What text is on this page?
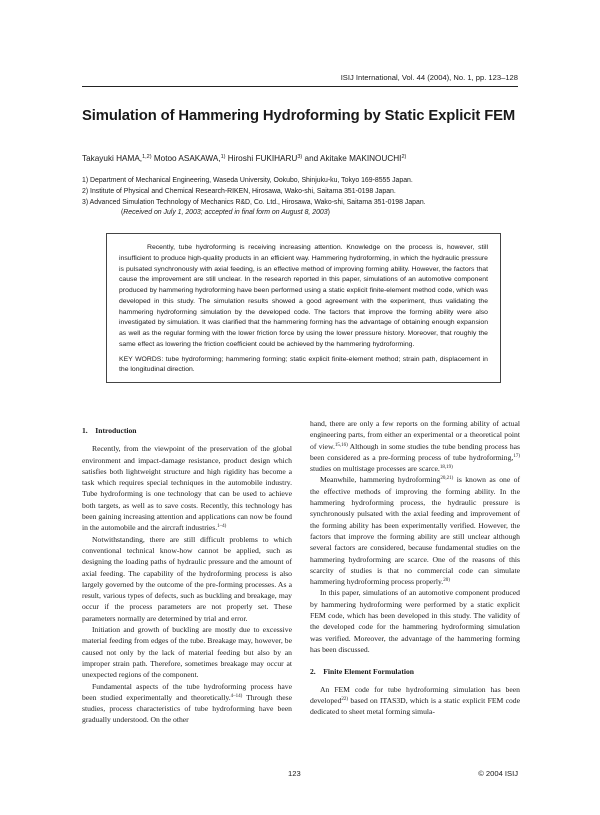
ISIJ International, Vol. 44 (2004), No. 1, pp. 123–128
Simulation of Hammering Hydroforming by Static Explicit FEM
Takayuki HAMA,$^{1,2)}$ Motoo ASAKAWA,$^{1)}$ Hiroshi FUKIHARU$^{3)}$ and Akitake MAKINOUCHI$^{2)}$
1) Department of Mechanical Engineering, Waseda University, Ookubo, Shinjuku-ku, Tokyo 169-8555 Japan.
2) Institute of Physical and Chemical Research-RIKEN, Hirosawa, Wako-shi, Saitama 351-0198 Japan.
3) Advanced Simulation Technology of Mechanics R&D, Co. Ltd., Hirosawa, Wako-shi, Saitama 351-0198 Japan.
(Received on July 1, 2003; accepted in final form on August 8, 2003)

Recently, tube hydroforming is receiving increasing attention. Knowledge on the process is, however, still insufficient to produce high-quality products in an efficient way. Hammering hydroforming, in which the hydraulic pressure is pulsated synchronously with axial feeding, is an effective method of improving forming ability. However, the factors that cause the improvement are still unclear. In the research reported in this paper, simulations of an automotive component produced by hammering hydroforming have been performed using a static explicit finite-element method code, which was developed in this study. The simulation results showed a good agreement with the experiment, thus validating the hammering hydroforming simulation by the developed code. The factors that improve the forming ability were also investigated by simulation. It was clarified that the hammering forming has the advantage of obtaining enough expansion as well as the regular forming with the lower friction force by using the lower pressure history. Moreover, that roughly the same effect as lowering the friction coefficient could be achieved by the hammering hydroforming.

KEY WORDS: tube hydroforming; hammering forming; static explicit finite-element method; strain path, displacement in the longitudinal direction.

1. Introduction

Recently, from the viewpoint of the preservation of the global environment and impact-damage resistance, product design which satisfies both lightweight structure and high rigidity has become a task which requires special techniques in the automobile industry. Tube hydroforming is one technology that can be used to achieve both targets, as well as to save costs. Recently, this technology has been gaining increasing attention and applications can now be found in the automobile and the aircraft industries.$^{1-4)}$

Notwithstanding, there are still difficult problems to which conventional technical know-how cannot be applied, such as designing the loading paths of hydraulic pressure and the amount of axial feeding. The capability of the hydroforming process is also largely governed by the outcome of the pre-forming processes. As a result, various types of defects, such as buckling and breakage, may occur if the process parameters are not properly set. These parameters normally are determined by trial and error.

Initiation and growth of buckling are mostly due to excessive material feeding from edges of the tube. Breakage may, however, be caused not only by the lack of material feeding but also by an improper strain path. Therefore, sometimes breakage may occur at unexpected regions of the component.

Fundamental aspects of the tube hydroforming process have been studied experimentally and theoretically.$^{4-14)}$ Through these studies, process characteristics of tube hydroforming have been gradually understood. On the other

hand, there are only a few reports on the forming ability of actual engineering parts, from either an experimental or a theoretical point of view.$^{15,16)}$ Although in some studies the tube bending process has been considered as a pre-forming process of tube hydroforming,$^{17)}$ studies on multistage processes are scarce.$^{18,19)}$

Meanwhile, hammering hydroforming$^{20,21)}$ is known as one of the effective methods of improving the forming ability. In the hammering hydroforming process, the hydraulic pressure is synchronously pulsated with the axial feeding and improvement of the forming ability has been experimentally verified. However, the factors that improve the forming ability are still unclear although several factors are considered, because fundamental studies on the hammering hydroforming are scarce. One of the reasons of this scarcity of studies is that no commercial code can simulate hammering hydroforming process properly.$^{20)}$

In this paper, simulations of an automotive component produced by hammering hydroforming were performed by a static explicit FEM code, which has been developed in this study. The validity of the developed code for the hammering hydroforming simulation was verified. Moreover, the advantage of the hammering forming has been discussed.

2. Finite Element Formulation

An FEM code for tube hydroforming simulation has been developed$^{22)}$ based on ITAS3D, which is a static explicit FEM code dedicated to sheet metal forming simula-

123	© 2004 ISIJ
